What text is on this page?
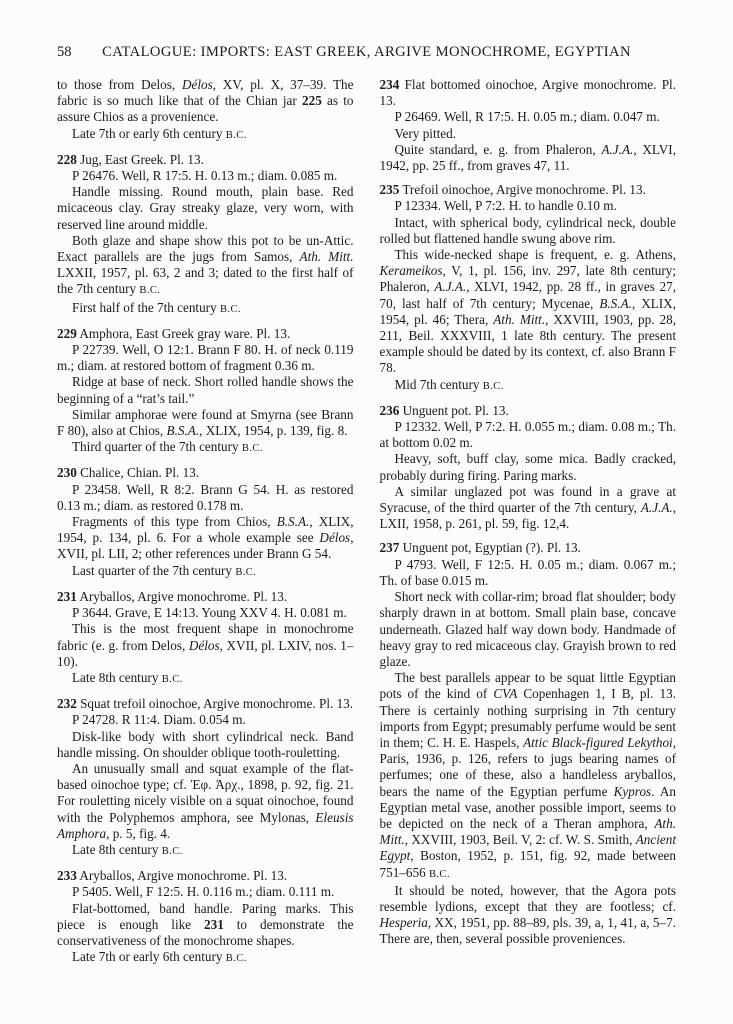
58 CATALOGUE: IMPORTS: EAST GREEK, ARGIVE MONOCHROME, EGYPTIAN

to those from Delos, Délos, XV, pl. X, 37–39. The fabric is so much like that of the Chian jar 225 as to assure Chios as a provenience.

Late 7th or early 6th century B.C.

228 Jug, East Greek. Pl. 13.

P 26476. Well, R 17:5. H. 0.13 m.; diam. 0.085 m.

Handle missing. Round mouth, plain base. Red micaceous clay. Gray streaky glaze, very worn, with reserved line around middle.

Both glaze and shape show this pot to be un-Attic. Exact parallels are the jugs from Samos, Ath. Mitt. LXXII, 1957, pl. 63, 2 and 3; dated to the first half of the 7th century B.C.

First half of the 7th century B.C.

229 Amphora, East Greek gray ware. Pl. 13.

P 22739. Well, O 12:1. Brann F 80. H. of neck 0.119 m.; diam. at restored bottom of fragment 0.36 m.

Ridge at base of neck. Short rolled handle shows the beginning of a “rat’s tail.”

Similar amphorae were found at Smyrna (see Brann F 80), also at Chios, B.S.A., XLIX, 1954, p. 139, fig. 8.

Third quarter of the 7th century B.C.

230 Chalice, Chian. Pl. 13.

P 23458. Well, R 8:2. Brann G 54. H. as restored 0.13 m.; diam. as restored 0.178 m.

Fragments of this type from Chios, B.S.A., XLIX, 1954, p. 134, pl. 6. For a whole example see Délos, XVII, pl. LII, 2; other references under Brann G 54.

Last quarter of the 7th century B.C.

231 Aryballos, Argive monochrome. Pl. 13.

P 3644. Grave, E 14:13. Young XXV 4. H. 0.081 m.

This is the most frequent shape in monochrome fabric (e. g. from Delos, Délos, XVII, pl. LXIV, nos. 1–10).

Late 8th century B.C.

232 Squat trefoil oinochoe, Argive monochrome. Pl. 13.

P 24728. R 11:4. Diam. 0.054 m.

Disk-like body with short cylindrical neck. Band handle missing. On shoulder oblique tooth-rouletting.

An unusually small and squat example of the flat-based oinochoe type; cf. Ἐφ. Ἀρχ., 1898, p. 92, fig. 21. For rouletting nicely visible on a squat oinochoe, found with the Polyphemos amphora, see Mylonas, Eleusis Amphora, p. 5, fig. 4.

Late 8th century B.C.

233 Aryballos, Argive monochrome. Pl. 13.

P 5405. Well, F 12:5. H. 0.116 m.; diam. 0.111 m.

Flat-bottomed, band handle. Paring marks. This piece is enough like 231 to demonstrate the conservativeness of the monochrome shapes.

Late 7th or early 6th century B.C.

234 Flat bottomed oinochoe, Argive monochrome. Pl. 13.

P 26469. Well, R 17:5. H. 0.05 m.; diam. 0.047 m.

Very pitted.

Quite standard, e. g. from Phaleron, A.J.A., XLVI, 1942, pp. 25 ff., from graves 47, 11.

235 Trefoil oinochoe, Argive monochrome. Pl. 13.

P 12334. Well, P 7:2. H. to handle 0.10 m.

Intact, with spherical body, cylindrical neck, double rolled but flattened handle swung above rim.

This wide-necked shape is frequent, e. g. Athens, Kerameikos, V, 1, pl. 156, inv. 297, late 8th century; Phaleron, A.J.A., XLVI, 1942, pp. 28 ff., in graves 27, 70, last half of 7th century; Mycenae, B.S.A., XLIX, 1954, pl. 46; Thera, Ath. Mitt., XXVIII, 1903, pp. 28, 211, Beil. XXXVIII, 1 late 8th century. The present example should be dated by its context, cf. also Brann F 78.

Mid 7th century B.C.

236 Unguent pot. Pl. 13.

P 12332. Well, P 7:2. H. 0.055 m.; diam. 0.08 m.; Th. at bottom 0.02 m.

Heavy, soft, buff clay, some mica. Badly cracked, probably during firing. Paring marks.

A similar unglazed pot was found in a grave at Syracuse, of the third quarter of the 7th century, A.J.A., LXII, 1958, p. 261, pl. 59, fig. 12,4.

237 Unguent pot, Egyptian (?). Pl. 13.

P 4793. Well, F 12:5. H. 0.05 m.; diam. 0.067 m.; Th. of base 0.015 m.

Short neck with collar-rim; broad flat shoulder; body sharply drawn in at bottom. Small plain base, concave underneath. Glazed half way down body. Handmade of heavy gray to red micaceous clay. Grayish brown to red glaze.

The best parallels appear to be squat little Egyptian pots of the kind of CVA Copenhagen 1, I B, pl. 13. There is certainly nothing surprising in 7th century imports from Egypt; presumably perfume would be sent in them; C. H. E. Haspels, Attic Black-figured Lekythoi, Paris, 1936, p. 126, refers to jugs bearing names of perfumes; one of these, also a handleless aryballos, bears the name of the Egyptian perfume Kypros. An Egyptian metal vase, another possible import, seems to be depicted on the neck of a Theran amphora, Ath. Mitt., XXVIII, 1903, Beil. V, 2: cf. W. S. Smith, Ancient Egypt, Boston, 1952, p. 151, fig. 92, made between 751–656 B.C.

It should be noted, however, that the Agora pots resemble lydions, except that they are footless; cf. Hesperia, XX, 1951, pp. 88–89, pls. 39, a, 1, 41, a, 5–7. There are, then, several possible proveniences.
